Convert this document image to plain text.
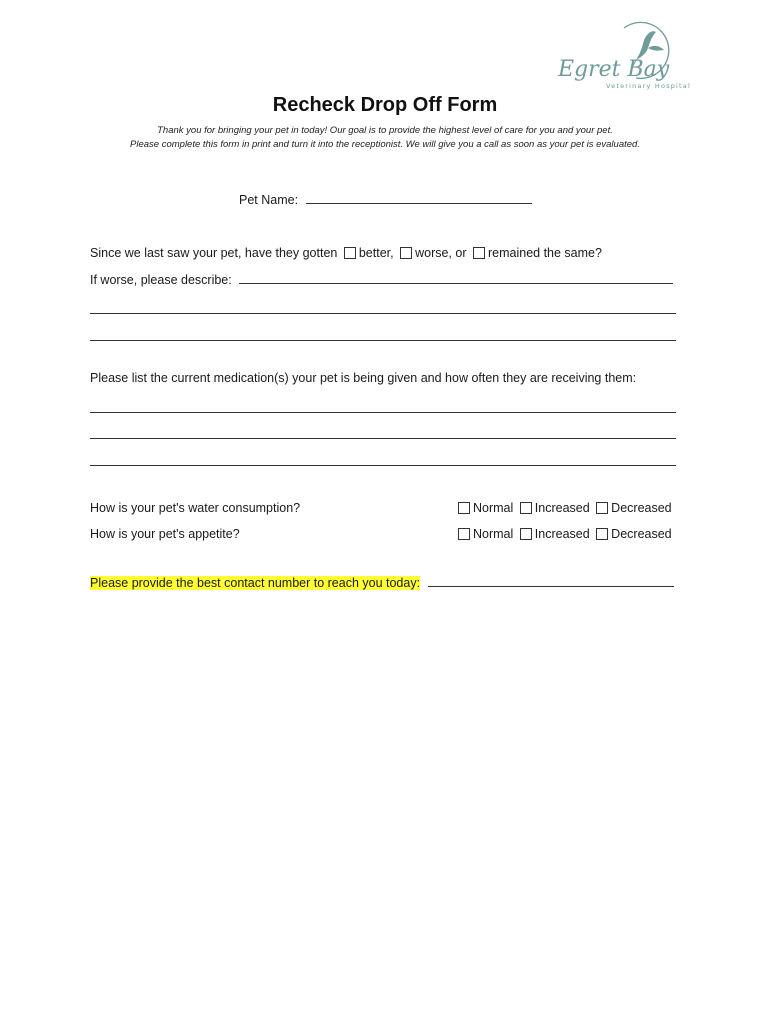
Egret Bay
Veterinary Hospital
Recheck Drop Off Form
Thank you for bringing your pet in today! Our goal is to provide the highest level of care for you and your pet.
Please complete this form in print and turn it into the receptionist. We will give you a call as soon as your pet is evaluated.
Pet Name:
Since we last saw your pet, have they gotten better, worse, or remained the same?
If worse, please describe:
Please list the current medication(s) your pet is being given and how often they are receiving them:
How is your pet's water consumption?	Normal Increased Decreased
How is your pet's appetite?	Normal Increased Decreased
Please provide the best contact number to reach you today:
